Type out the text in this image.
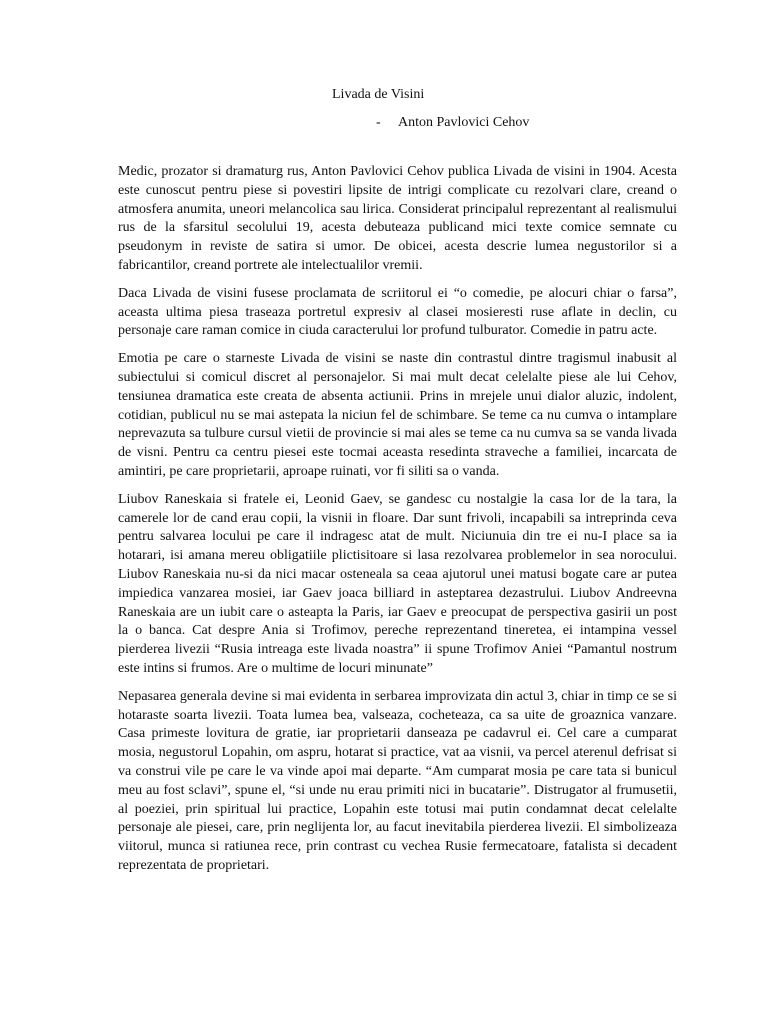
Livada de Visini
- Anton Pavlovici Cehov

Medic, prozator si dramaturg rus, Anton Pavlovici Cehov publica Livada de visini in 1904. Acesta este cunoscut pentru piese si povestiri lipsite de intrigi complicate cu rezolvari clare, creand o atmosfera anumita, uneori melancolica sau lirica. Considerat principalul reprezentant al realismului rus de la sfarsitul secolului 19, acesta debuteaza publicand mici texte comice semnate cu pseudonym in reviste de satira si umor. De obicei, acesta descrie lumea negustorilor si a fabricantilor, creand portrete ale intelectualilor vremii.

Daca Livada de visini fusese proclamata de scriitorul ei “o comedie, pe alocuri chiar o farsa”, aceasta ultima piesa traseaza portretul expresiv al clasei mosieresti ruse aflate in declin, cu personaje care raman comice in ciuda caracterului lor profund tulburator. Comedie in patru acte.

Emotia pe care o starneste Livada de visini se naste din contrastul dintre tragismul inabusit al subiectului si comicul discret al personajelor. Si mai mult decat celelalte piese ale lui Cehov, tensiunea dramatica este creata de absenta actiunii. Prins in mrejele unui dialor aluzic, indolent, cotidian, publicul nu se mai astepata la niciun fel de schimbare. Se teme ca nu cumva o intamplare neprevazuta sa tulbure cursul vietii de provincie si mai ales se teme ca nu cumva sa se vanda livada de visni. Pentru ca centru piesei este tocmai aceasta resedinta straveche a familiei, incarcata de amintiri, pe care proprietarii, aproape ruinati, vor fi siliti sa o vanda.

Liubov Raneskaia si fratele ei, Leonid Gaev, se gandesc cu nostalgie la casa lor de la tara, la camerele lor de cand erau copii, la visnii in floare. Dar sunt frivoli, incapabili sa intreprinda ceva pentru salvarea locului pe care il indragesc atat de mult. Niciunuia din tre ei nu-I place sa ia hotarari, isi amana mereu obligatiile plictisitoare si lasa rezolvarea problemelor in sea norocului. Liubov Raneskaia nu-si da nici macar osteneala sa ceaa ajutorul unei matusi bogate care ar putea impiedica vanzarea mosiei, iar Gaev joaca billiard in asteptarea dezastrului. Liubov Andreevna Raneskaia are un iubit care o asteapta la Paris, iar Gaev e preocupat de perspectiva gasirii un post la o banca. Cat despre Ania si Trofimov, pereche reprezentand tineretea, ei intampina vessel pierderea livezii “Rusia intreaga este livada noastra” ii spune Trofimov Aniei “Pamantul nostrum este intins si frumos. Are o multime de locuri minunate”

Nepasarea generala devine si mai evidenta in serbarea improvizata din actul 3, chiar in timp ce se si hotaraste soarta livezii. Toata lumea bea, valseaza, cocheteaza, ca sa uite de groaznica vanzare. Casa primeste lovitura de gratie, iar proprietarii danseaza pe cadavrul ei. Cel care a cumparat mosia, negustorul Lopahin, om aspru, hotarat si practice, vat aa visnii, va percel aterenul defrisat si va construi vile pe care le va vinde apoi mai departe. “Am cumparat mosia pe care tata si bunicul meu au fost sclavi”, spune el, “si unde nu erau primiti nici in bucatarie”. Distrugator al frumusetii, al poeziei, prin spiritual lui practice, Lopahin este totusi mai putin condamnat decat celelalte personaje ale piesei, care, prin neglijenta lor, au facut inevitabila pierderea livezii. El simbolizeaza viitorul, munca si ratiunea rece, prin contrast cu vechea Rusie fermecatoare, fatalista si decadent reprezentata de proprietari.
